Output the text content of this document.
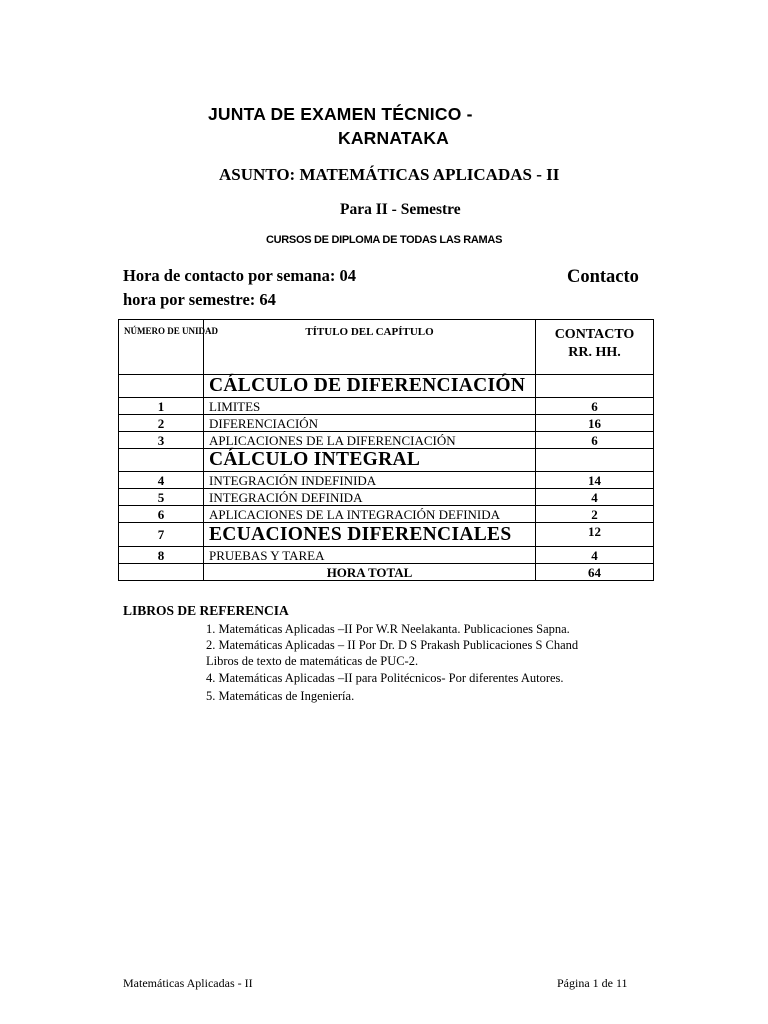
JUNTA DE EXAMEN TÉCNICO -

KARNATAKA

ASUNTO: MATEMÁTICAS APLICADAS - II

Para II - Semestre

CURSOS DE DIPLOMA DE TODAS LAS RAMAS

Hora de contacto por semana: 04	Contacto

hora por semestre: 64

NÚMERO DE UNIDAD	TÍTULO DEL CAPÍTULO	CONTACTO
RR. HH.

	CÁLCULO DE DIFERENCIACIÓN	
1	LIMITES	6
2	DIFERENCIACIÓN	16
3	APLICACIONES DE LA DIFERENCIACIÓN	6
	CÁLCULO INTEGRAL	
4	INTEGRACIÓN INDEFINIDA	14
5	INTEGRACIÓN DEFINIDA	4
6	APLICACIONES DE LA INTEGRACIÓN DEFINIDA	2
7	ECUACIONES DIFERENCIALES	12
8	PRUEBAS Y TAREA	4
	HORA TOTAL	64

LIBROS DE REFERENCIA

1. Matemáticas Aplicadas –II Por W.R Neelakanta. Publicaciones Sapna.

2. Matemáticas Aplicadas – II Por Dr. D S Prakash Publicaciones S Chand

Libros de texto de matemáticas de PUC-2.

4. Matemáticas Aplicadas –II para Politécnicos- Por diferentes Autores.

5. Matemáticas de Ingeniería.

Matemáticas Aplicadas - II	Página 1 de 11
